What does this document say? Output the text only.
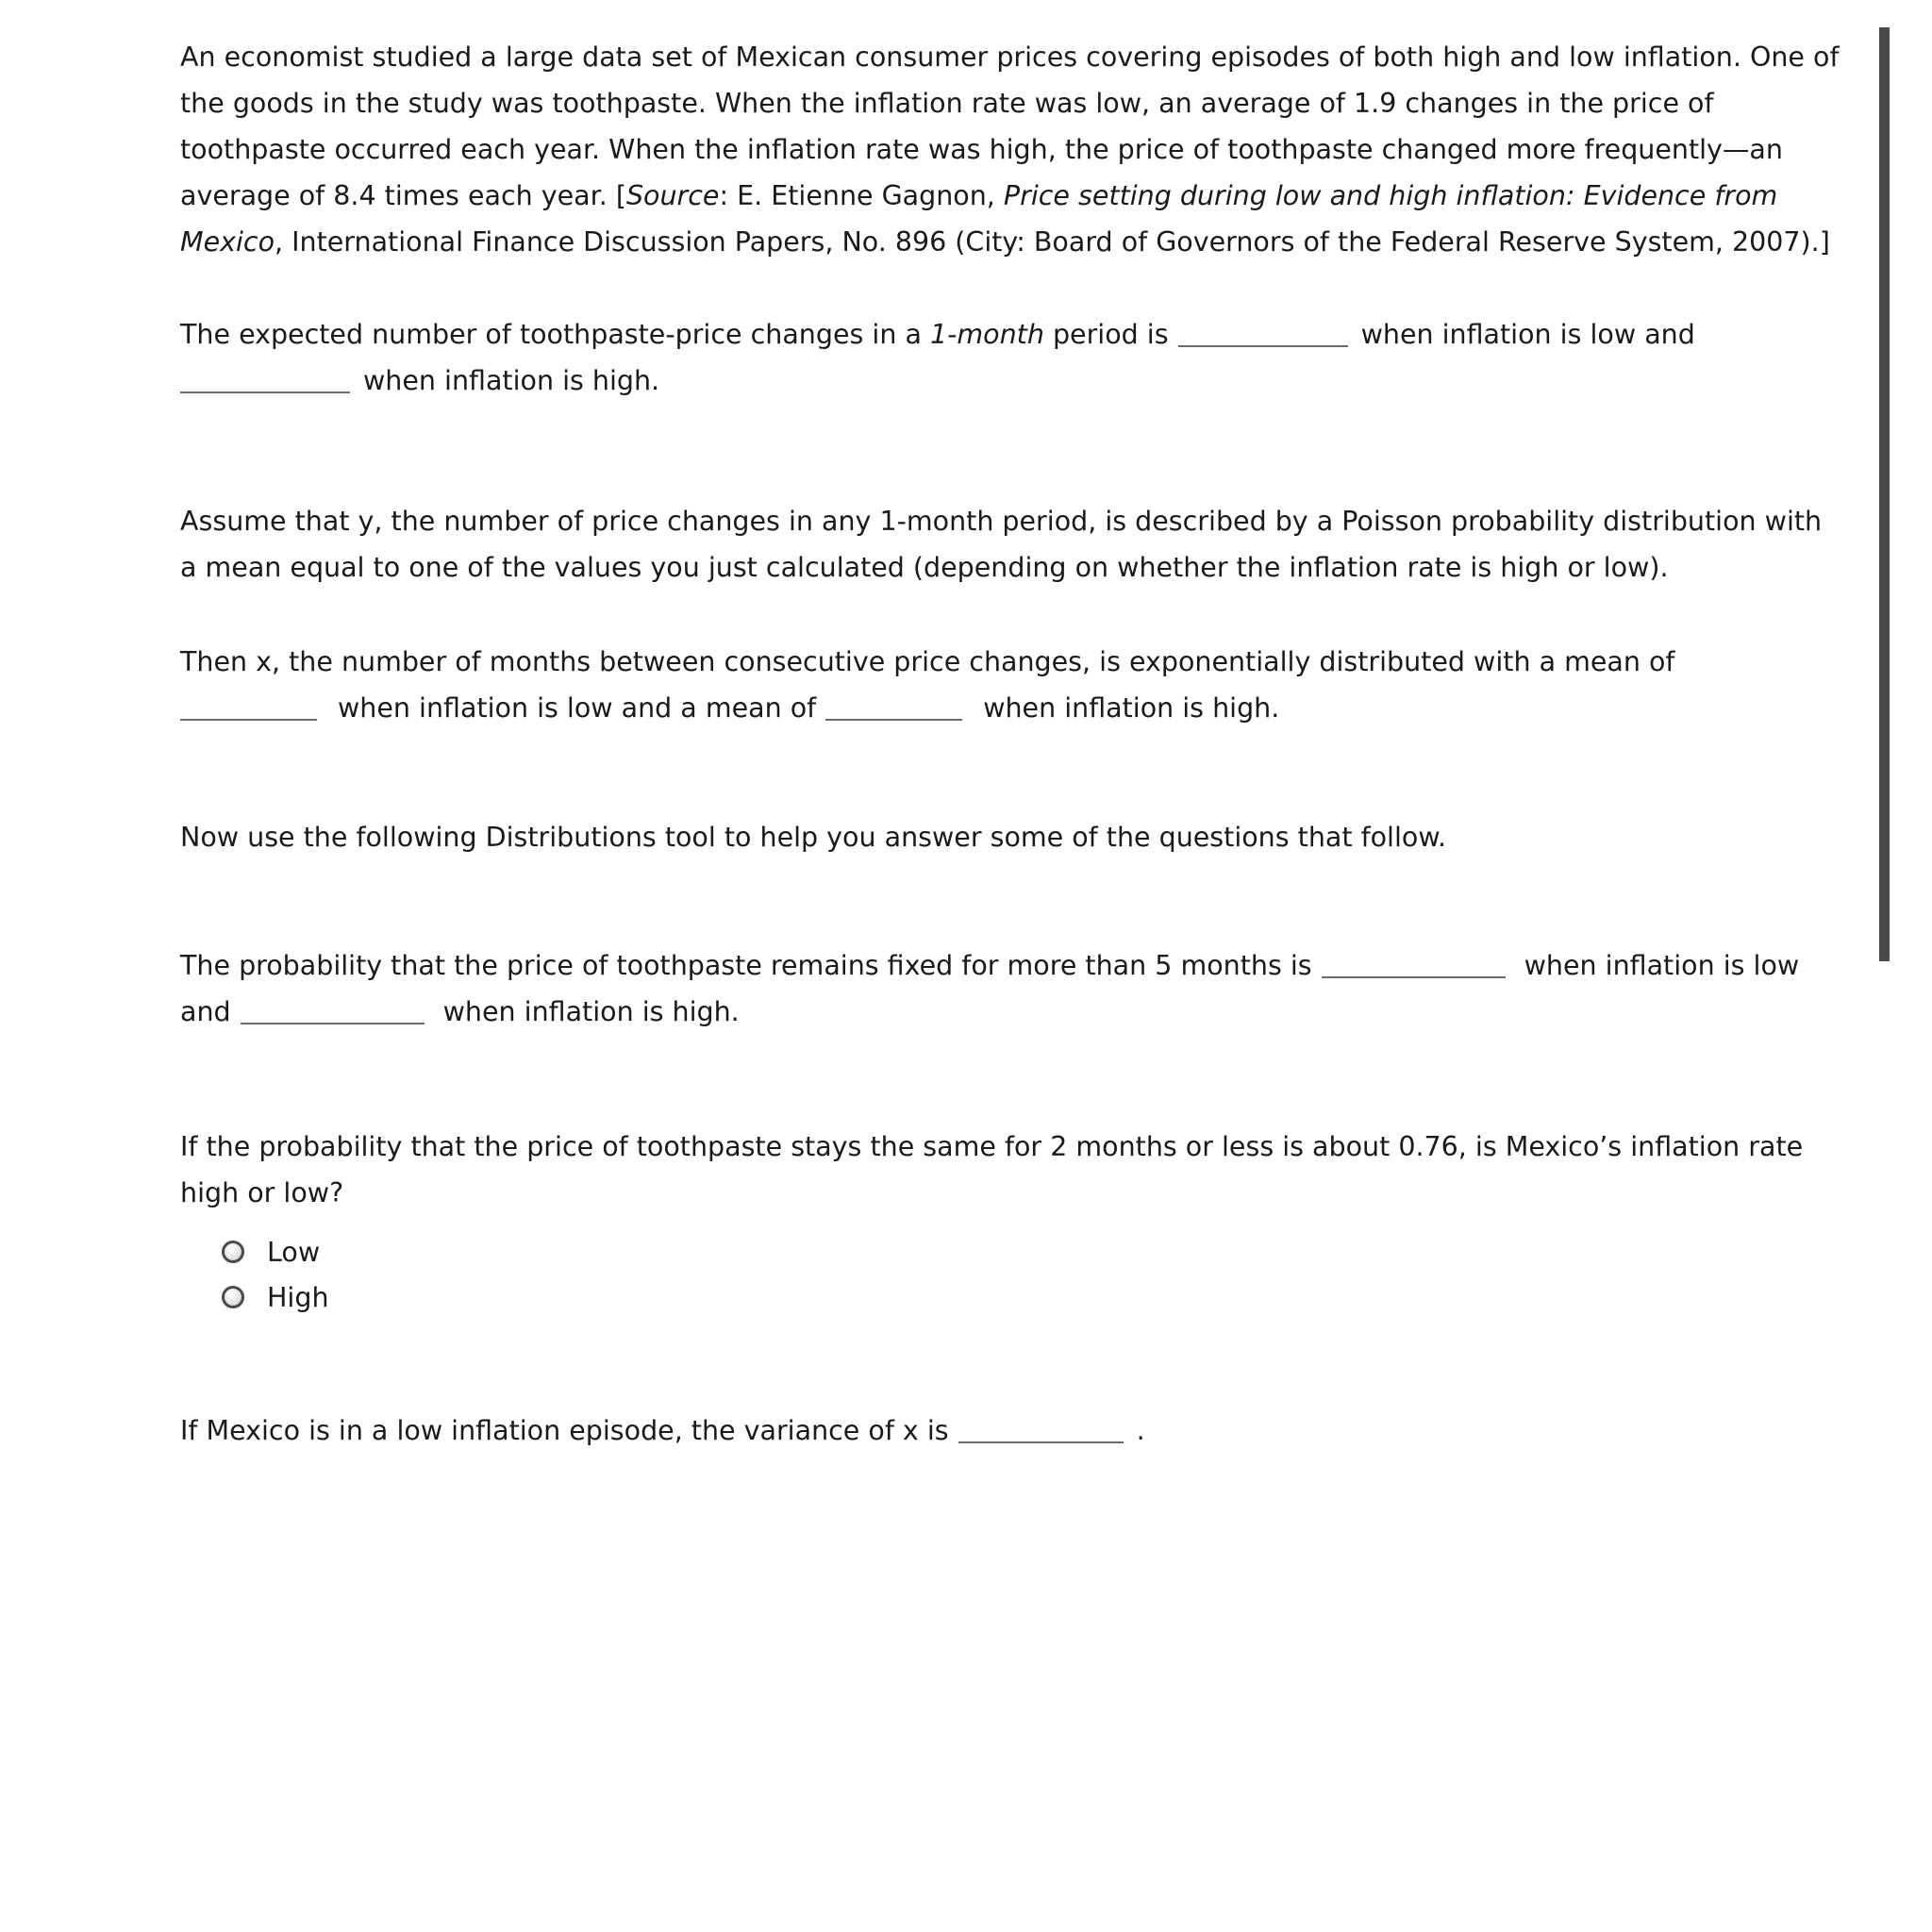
An economist studied a large data set of Mexican consumer prices covering episodes of both high and low inflation. One of the goods in the study was toothpaste. When the inflation rate was low, an average of 1.9 changes in the price of toothpaste occurred each year. When the inflation rate was high, the price of toothpaste changed more frequently—an average of 8.4 times each year. [Source: E. Etienne Gagnon, Price setting during low and high inflation: Evidence from Mexico, International Finance Discussion Papers, No. 896 (City: Board of Governors of the Federal Reserve System, 2007).]

The expected number of toothpaste-price changes in a 1-month period is	when inflation is low and
when inflation is high.

Assume that y, the number of price changes in any 1-month period, is described by a Poisson probability distribution with a mean equal to one of the values you just calculated (depending on whether the inflation rate is high or low).

Then x, the number of months between consecutive price changes, is exponentially distributed with a mean of
when inflation is low and a mean of	when inflation is high.

Now use the following Distributions tool to help you answer some of the questions that follow.

The probability that the price of toothpaste remains fixed for more than 5 months is	when inflation is low and	when inflation is high.

If the probability that the price of toothpaste stays the same for 2 months or less is about 0.76, is Mexico’s inflation rate high or low?

Low
High

If Mexico is in a low inflation episode, the variance of x is	.
